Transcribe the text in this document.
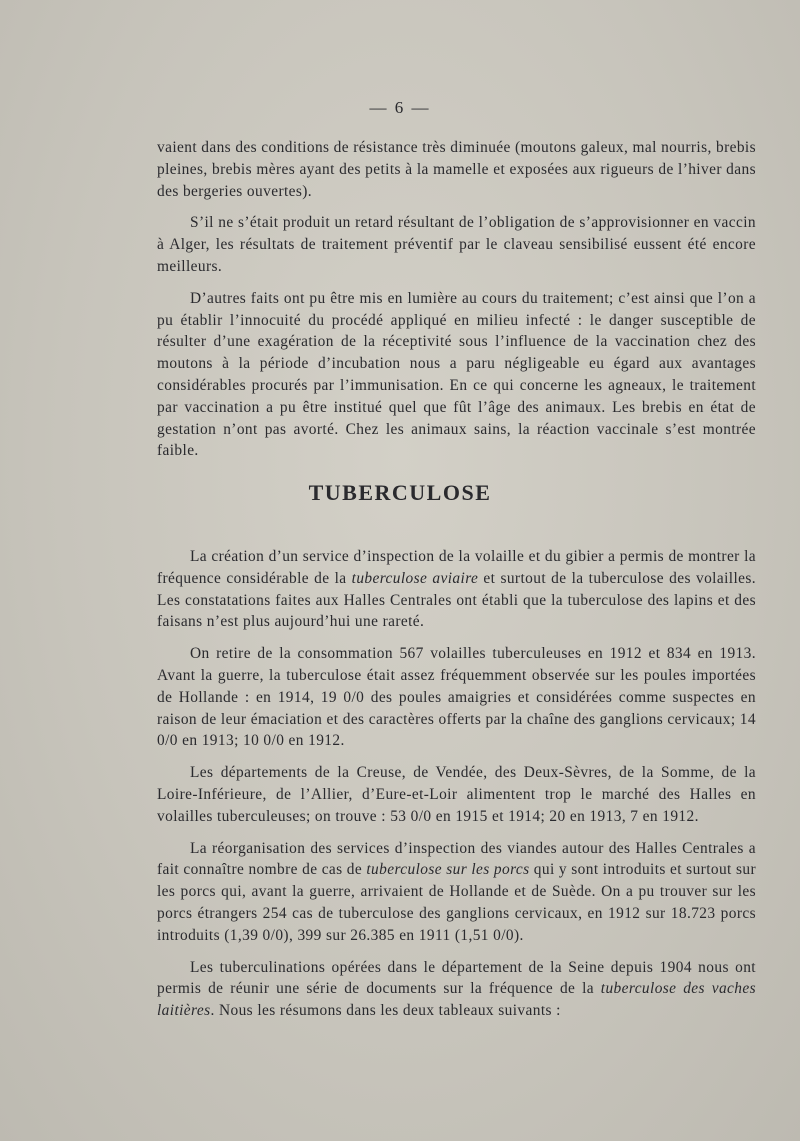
— 6 —

vaient dans des conditions de résistance très diminuée (moutons galeux, mal nourris, brebis pleines, brebis mères ayant des petits à la mamelle et exposées aux rigueurs de l’hiver dans des bergeries ouvertes).

S’il ne s’était produit un retard résultant de l’obligation de s’approvisionner en vaccin à Alger, les résultats de traitement préventif par le claveau sensibilisé eussent été encore meilleurs.

D’autres faits ont pu être mis en lumière au cours du traitement; c’est ainsi que l’on a pu établir l’innocuité du procédé appliqué en milieu infecté : le danger susceptible de résulter d’une exagération de la réceptivité sous l’influence de la vaccination chez des moutons à la période d’incubation nous a paru négligeable eu égard aux avantages considérables procurés par l’immunisation. En ce qui concerne les agneaux, le traitement par vaccination a pu être institué quel que fût l’âge des animaux. Les brebis en état de gestation n’ont pas avorté. Chez les animaux sains, la réaction vaccinale s’est montrée faible.

TUBERCULOSE

La création d’un service d’inspection de la volaille et du gibier a permis de montrer la fréquence considérable de la tuberculose aviaire et surtout de la tuberculose des volailles. Les constatations faites aux Halles Centrales ont établi que la tuberculose des lapins et des faisans n’est plus aujourd’hui une rareté.

On retire de la consommation 567 volailles tuberculeuses en 1912 et 834 en 1913. Avant la guerre, la tuberculose était assez fréquemment observée sur les poules importées de Hollande : en 1914, 19 0/0 des poules amaigries et considérées comme suspectes en raison de leur émaciation et des caractères offerts par la chaîne des ganglions cervicaux; 14 0/0 en 1913; 10 0/0 en 1912.

Les départements de la Creuse, de Vendée, des Deux-Sèvres, de la Somme, de la Loire-Inférieure, de l’Allier, d’Eure-et-Loir alimentent trop le marché des Halles en volailles tuberculeuses; on trouve : 53 0/0 en 1915 et 1914; 20 en 1913, 7 en 1912.

La réorganisation des services d’inspection des viandes autour des Halles Centrales a fait connaître nombre de cas de tuberculose sur les porcs qui y sont introduits et surtout sur les porcs qui, avant la guerre, arrivaient de Hollande et de Suède. On a pu trouver sur les porcs étrangers 254 cas de tuberculose des ganglions cervicaux, en 1912 sur 18.723 porcs introduits (1,39 0/0), 399 sur 26.385 en 1911 (1,51 0/0).

Les tuberculinations opérées dans le département de la Seine depuis 1904 nous ont permis de réunir une série de documents sur la fréquence de la tuberculose des vaches laitières. Nous les résumons dans les deux tableaux suivants :
